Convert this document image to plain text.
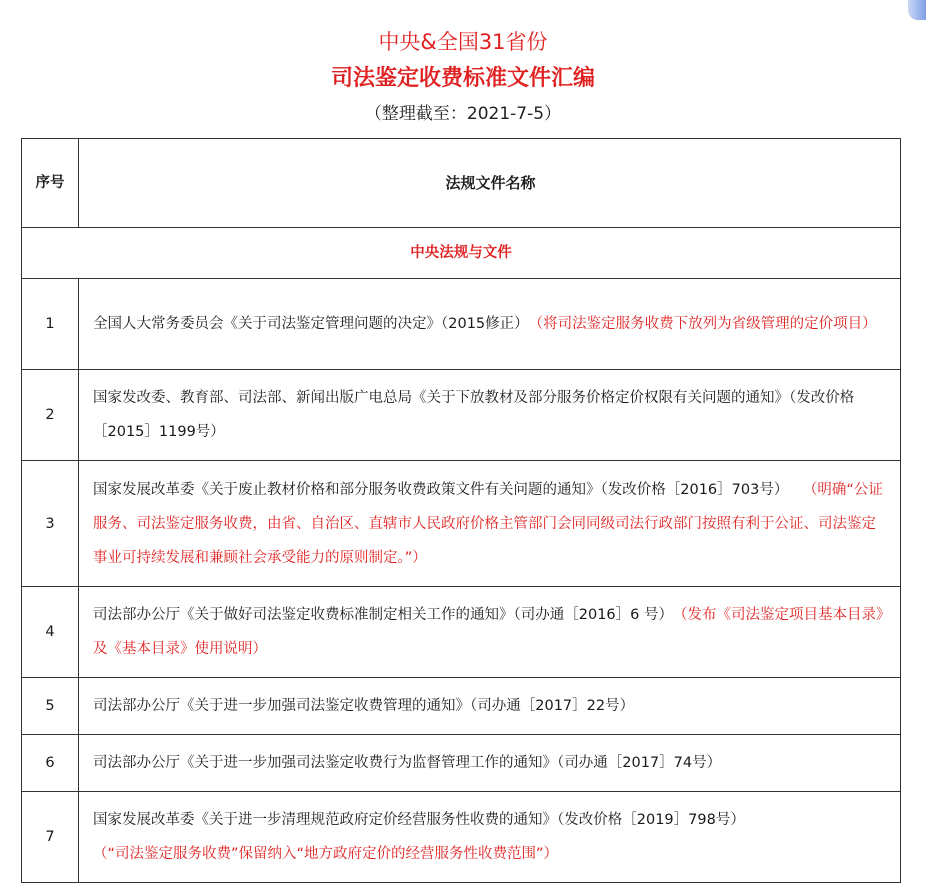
中央&全国31省份
司法鉴定收费标准文件汇编
（整理截至：2021-7-5）
序号	法规文件名称
中央法规与文件	
1	全国人大常务委员会《关于司法鉴定管理问题的决定》（2015修正）　 （将司法鉴定服务收费下放列为省级管理的定价项目）
2	国家发改委、教育部、司法部、新闻出版广电总局《关于下放教材及部分服务价格定价权限有关问题的通知》（发改价格［2015］1199号）
3	国家发展改革委《关于废止教材价格和部分服务收费政策文件有关问题的通知》（发改价格［2016］703号）　　 （明确“公证服务、司法鉴定服务收费，由省、自治区、直辖市人民政府价格主管部门会同同级司法行政部门按照有利于公证、司法鉴定事业可持续发展和兼顾社会承受能力的原则制定。”）
4	司法部办公厅《关于做好司法鉴定收费标准制定相关工作的通知》（司办通［2016］6 号）　 （发布《司法鉴定项目基本目录》及《基本目录》使用说明）
5	司法部办公厅《关于进一步加强司法鉴定收费管理的通知》（司办通［2017］22号）
6	司法部办公厅《关于进一步加强司法鉴定收费行为监督管理工作的通知》（司办通［2017］74号）
7	国家发展改革委《关于进一步清理规范政府定价经营服务性收费的通知》（发改价格［2019］798号）
（“司法鉴定服务收费”保留纳入“地方政府定价的经营服务性收费范围”）
